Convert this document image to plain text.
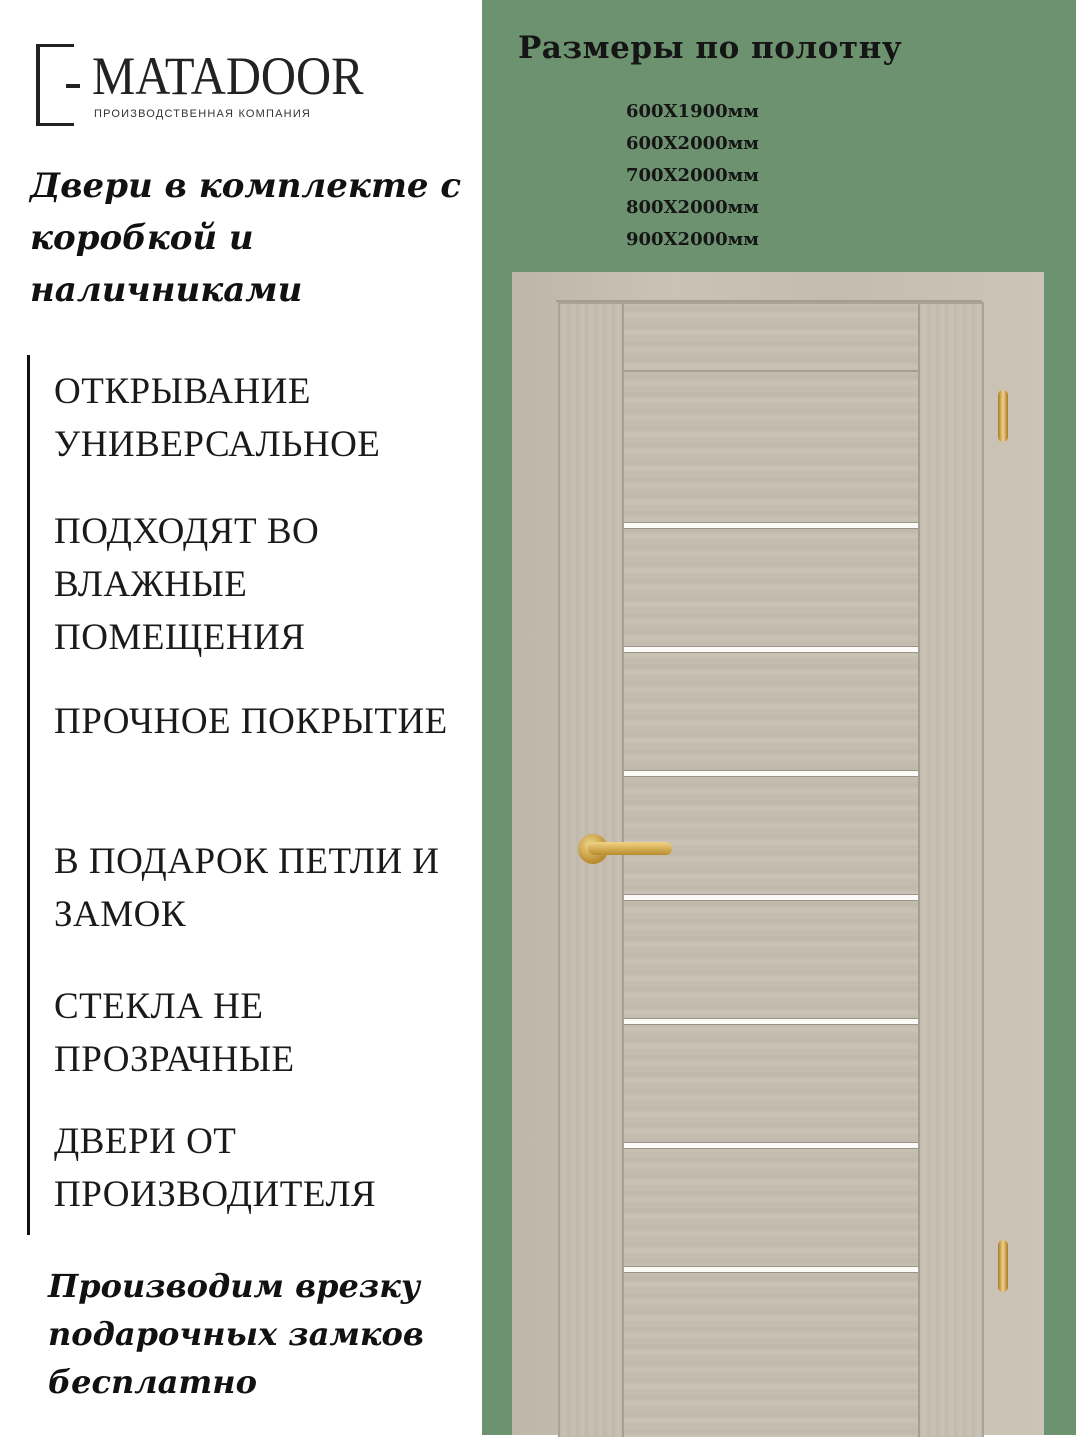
MATADOOR
ПРОИЗВОДСТВЕННАЯ КОМПАНИЯ
Двери в комплекте с коробкой и наличниками
ОТКРЫВАНИЕ УНИВЕРСАЛЬНОЕ
ПОДХОДЯТ ВО ВЛАЖНЫЕ ПОМЕЩЕНИЯ
ПРОЧНОЕ ПОКРЫТИЕ
В ПОДАРОК ПЕТЛИ И ЗАМОК
СТЕКЛА НЕ ПРОЗРАЧНЫЕ
ДВЕРИ ОТ ПРОИЗВОДИТЕЛЯ
Производим врезку подарочных замков бесплатно
Размеры по полотну
600X1900мм
600X2000мм
700X2000мм
800X2000мм
900X2000мм
